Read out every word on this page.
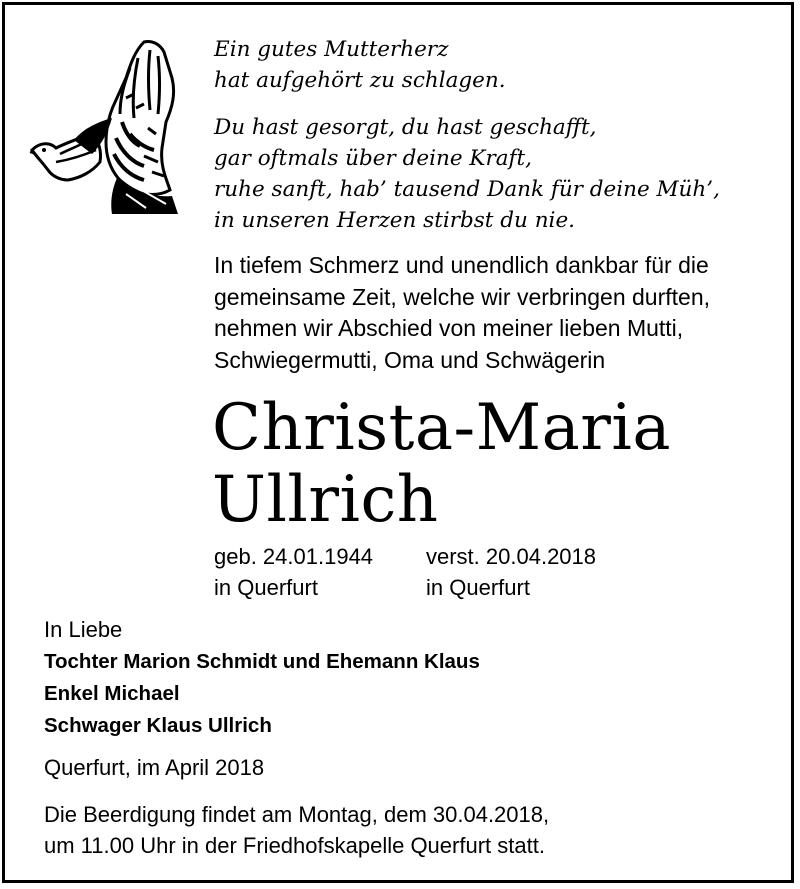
Ein gutes Mutterherz
hat aufgehört zu schlagen.
Du hast gesorgt, du hast geschafft,
gar oftmals über deine Kraft,
ruhe sanft, hab’ tausend Dank für deine Müh’,
in unseren Herzen stirbst du nie.
In tiefem Schmerz und unendlich dankbar für die
gemeinsame Zeit, welche wir verbringen durften,
nehmen wir Abschied von meiner lieben Mutti,
Schwiegermutti, Oma und Schwägerin
Christa-Maria
Ullrich
geb. 24.01.1944
in Querfurt
verst. 20.04.2018
in Querfurt
In Liebe
Tochter Marion Schmidt und Ehemann Klaus
Enkel Michael
Schwager Klaus Ullrich
Querfurt, im April 2018
Die Beerdigung findet am Montag, dem 30.04.2018,
um 11.00 Uhr in der Friedhofskapelle Querfurt statt.
